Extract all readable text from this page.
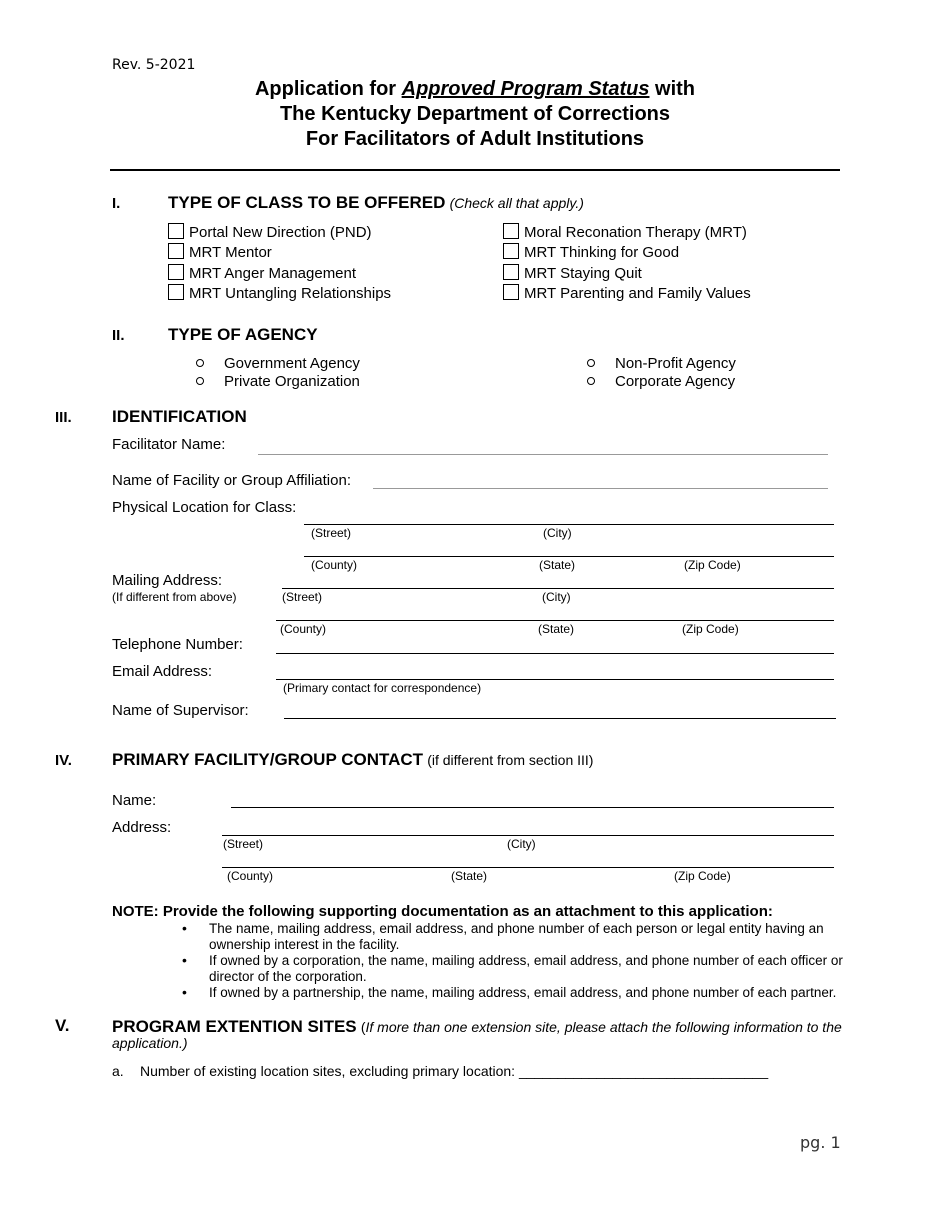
Rev. 5-2021
Application for Approved Program Status with
The Kentucky Department of Corrections
For Facilitators of Adult Institutions
I.	TYPE OF CLASS TO BE OFFERED (Check all that apply.)
Portal New Direction (PND)
MRT Mentor
MRT Anger Management
MRT Untangling Relationships
Moral Reconation Therapy (MRT)
MRT Thinking for Good
MRT Staying Quit
MRT Parenting and Family Values
II.	TYPE OF AGENCY
Government Agency
Private Organization
Non-Profit Agency
Corporate Agency
III. IDENTIFICATION
Facilitator Name:
Name of Facility or Group Affiliation:
Physical Location for Class:
(Street)	(City)
(County)	(State)	(Zip Code)
Mailing Address:
(If different from above)	(Street)	(City)
(County)	(State)	(Zip Code)
Telephone Number:
Email Address:
(Primary contact for correspondence)
Name of Supervisor:
IV. PRIMARY FACILITY/GROUP CONTACT (if different from section III)
Name:
Address:
(Street)	(City)
(County)	(State)	(Zip Code)
NOTE: Provide the following supporting documentation as an attachment to this application:
• The name, mailing address, email address, and phone number of each person or legal entity having an
ownership interest in the facility.
• If owned by a corporation, the name, mailing address, email address, and phone number of each officer or
director of the corporation.
• If owned by a partnership, the name, mailing address, email address, and phone number of each partner.
V. PROGRAM EXTENTION SITES (If more than one extension site, please attach the following information to the
application.)
a. Number of existing location sites, excluding primary location: ________________________________
pg. 1
